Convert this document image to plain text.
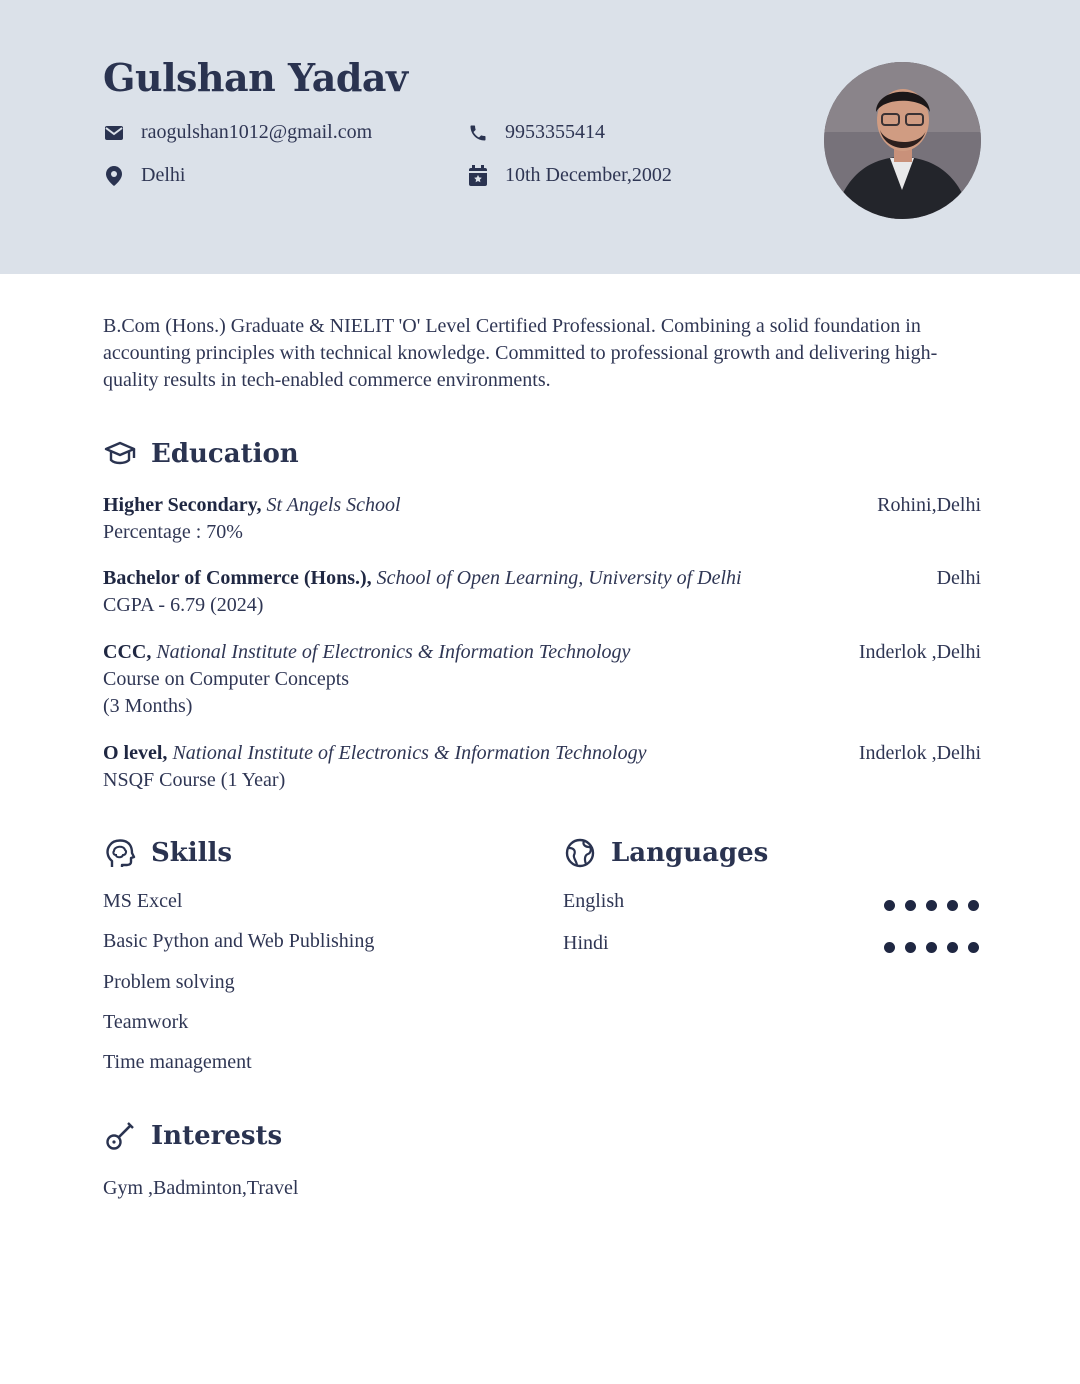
Gulshan Yadav
raogulshan1012@gmail.com	9953355414
Delhi	10th December,2002
B.Com (Hons.) Graduate & NIELIT 'O' Level Certified Professional. Combining a solid foundation in accounting principles with technical knowledge. Committed to professional growth and delivering high-quality results in tech-enabled commerce environments.
Education
Higher Secondary, St Angels School	Rohini,Delhi
Percentage : 70%
Bachelor of Commerce (Hons.), School of Open Learning, University of Delhi	Delhi
CGPA - 6.79 (2024)
CCC, National Institute of Electronics & Information Technology	Inderlok ,Delhi
Course on Computer Concepts
(3 Months)
O level, National Institute of Electronics & Information Technology	Inderlok ,Delhi
NSQF Course (1 Year)
Skills
MS Excel
Basic Python and Web Publishing
Problem solving
Teamwork
Time management
Languages
English
Hindi
Interests
Gym ,Badminton,Travel
